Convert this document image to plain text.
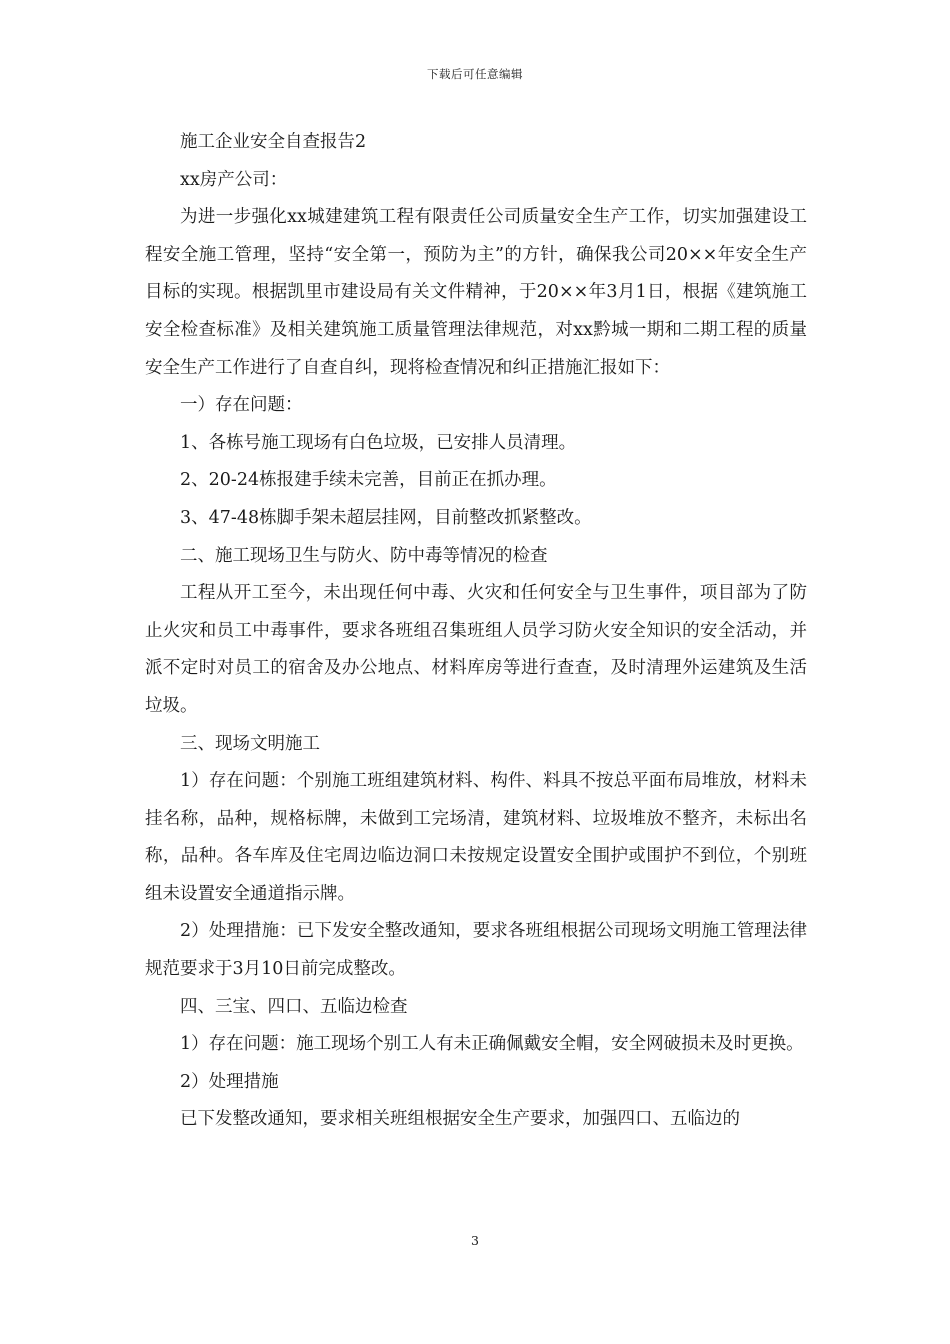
下载后可任意编辑

施工企业安全自查报告2

xx房产公司：

为进一步强化xx城建建筑工程有限责任公司质量安全生产工作，切实加强建设工程安全施工管理，坚持“安全第一，预防为主”的方针，确保我公司20××年安全生产目标的实现。根据凯里市建设局有关文件精神，于20××年3月1日，根据《建筑施工安全检查标准》及相关建筑施工质量管理法律规范，对xx黔城一期和二期工程的质量安全生产工作进行了自查自纠，现将检查情况和纠正措施汇报如下：

一）存在问题：

1、各栋号施工现场有白色垃圾，已安排人员清理。

2、20-24栋报建手续未完善，目前正在抓办理。

3、47-48栋脚手架未超层挂网，目前整改抓紧整改。

二、施工现场卫生与防火、防中毒等情况的检查

工程从开工至今，未出现任何中毒、火灾和任何安全与卫生事件，项目部为了防止火灾和员工中毒事件，要求各班组召集班组人员学习防火安全知识的安全活动，并派不定时对员工的宿舍及办公地点、材料库房等进行查查，及时清理外运建筑及生活垃圾。

三、现场文明施工

1）存在问题：个别施工班组建筑材料、构件、料具不按总平面布局堆放，材料未挂名称，品种，规格标牌，未做到工完场清，建筑材料、垃圾堆放不整齐，未标出名称，品种。各车库及住宅周边临边洞口未按规定设置安全围护或围护不到位，个别班组未设置安全通道指示牌。

2）处理措施：已下发安全整改通知，要求各班组根据公司现场文明施工管理法律规范要求于3月10日前完成整改。

四、三宝、四口、五临边检查

1）存在问题：施工现场个别工人有未正确佩戴安全帽，安全网破损未及时更换。

2）处理措施

已下发整改通知，要求相关班组根据安全生产要求，加强四口、五临边的

3
